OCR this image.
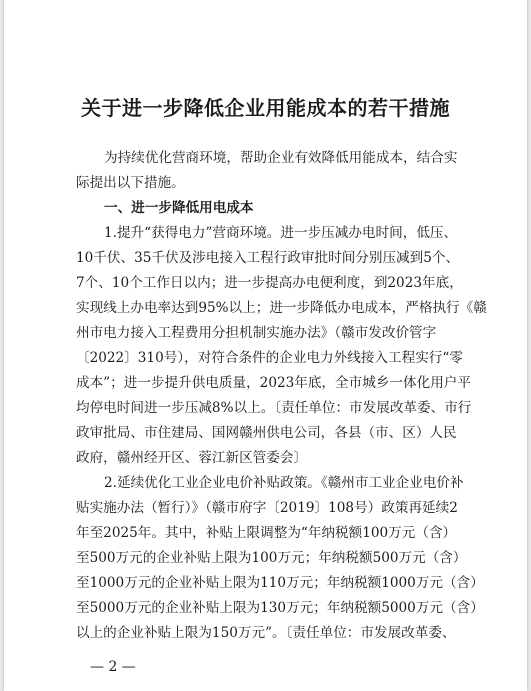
关于进一步降低企业用能成本的若干措施
为持续优化营商环境，帮助企业有效降低用能成本，结合实
际提出以下措施。
一、进一步降低用电成本
1.提升“获得电力”营商环境。进一步压减办电时间，低压、
10千伏、35千伏及涉电接入工程行政审批时间分别压减到5个、
7个、10个工作日以内；进一步提高办电便利度，到2023年底，
实现线上办电率达到95%以上；进一步降低办电成本，严格执行《赣
州市电力接入工程费用分担机制实施办法》（赣市发改价管字
〔2022〕310号），对符合条件的企业电力外线接入工程实行“零
成本”；进一步提升供电质量，2023年底，全市城乡一体化用户平
均停电时间进一步压减8%以上。〔责任单位：市发展改革委、市行
政审批局、市住建局、国网赣州供电公司，各县（市、区）人民
政府，赣州经开区、蓉江新区管委会〕
2.延续优化工业企业电价补贴政策。《赣州市工业企业电价补
贴实施办法（暂行）》（赣市府字〔2019〕108号）政策再延续2
年至2025年。其中，补贴上限调整为“年纳税额100万元（含）
至500万元的企业补贴上限为100万元；年纳税额500万元（含）
至1000万元的企业补贴上限为110万元；年纳税额1000万元（含）
至5000万元的企业补贴上限为130万元；年纳税额5000万元（含）
以上的企业补贴上限为150万元”。〔责任单位：市发展改革委、
— 2 —
